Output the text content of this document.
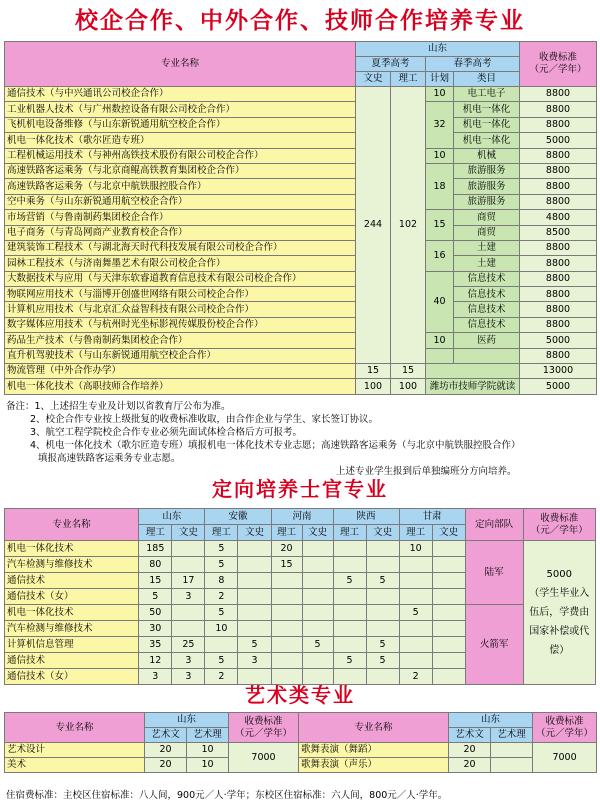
校企合作、中外合作、技师合作培养专业
专业名称	山东				收费标准
（元／学年）
	夏季高考		春季高考		
	文史	理工	计划	类目	
通信技术（与中兴通讯公司校企合作）	244	102	10	电工电子	8800
工业机器人技术（与广州数控设备有限公司校企合作）			32	机电一体化	8800
飞机机电设备维修（与山东新锐通用航空校企合作）				机电一体化	8800
机电一体化技术（歌尔匠造专班）				机电一体化	5000
工程机械运用技术（与神州高铁技术股份有限公司校企合作）			10	机械	8800
高速铁路客运乘务（与北京商鲲高铁教育集团校企合作）			18	旅游服务	8800
高速铁路客运乘务（与北京中航铁服控股合作）				旅游服务	8800
空中乘务（与山东新锐通用航空校企合作）				旅游服务	8800
市场营销（与鲁南制药集团校企合作）			15	商贸	4800
电子商务（与青岛网商产业教育校企合作）				商贸	8500
建筑装饰工程技术（与湖北海天时代科技发展有限公司校企合作）			16	土建	8800
园林工程技术（与济南舞墨艺术有限公司校企合作）				土建	8800
大数据技术与应用（与天津东软睿道教育信息技术有限公司校企合作）			40	信息技术	8800
物联网应用技术（与淄博开创盛世网络有限公司校企合作）				信息技术	8800
计算机应用技术（与北京汇众益智科技有限公司校企合作）				信息技术	8800
数字媒体应用技术（与杭州时光坐标影视传媒股份校企合作）				信息技术	8800
药品生产技术（与鲁南制药集团校企合作）			10	医药	5000
直升机驾驶技术（与山东新锐通用航空校企合作）					8800
物流管理（中外合作办学）	15	15			13000
机电一体化技术（高职技师合作培养）	100	100	潍坊市技师学院就读		5000
备注：1、上述招生专业及计划以省教育厅公布为准。
2、校企合作专业按上级批复的收费标准收取，由合作企业与学生、家长签订协议。
3、航空工程学院校企合作专业必须先面试体检合格后方可报考。
4、机电一体化技术（歌尔匠造专班）填报机电一体化技术专业志愿；高速铁路客运乘务（与北京中航铁服控股合作）
填报高速铁路客运乘务专业志愿。
上述专业学生报到后单独编班分方向培养。
定向培养士官专业
专业名称	山东		安徽		河南		陕西		甘肃		定向部队	收费标准
（元／学年）
	理工	文史	理工	文史	理工	文史	理工	文史	理工	文史		
机电一体化技术	185		5		20				10		陆军	5000
（学生毕业入伍后，学费由国家补偿或代偿）
汽车检测与维修技术	80		5		15							
通信技术	15	17	8				5	5				
通信技术（女）	5	3	2									
机电一体化技术	50		5						5		火箭军	
汽车检测与维修技术	30		10									
计算机信息管理	35	25		5		5		5				
通信技术	12	3	5	3			5	5				
通信技术（女）	3	3	2						2			
艺术类专业
专业名称	山东		收费标准
（元／学年）	专业名称	山东		收费标准
（元／学年）
	艺术文	艺术理			艺术文	艺术理	
艺术设计	20	10	7000	歌舞表演（舞蹈）	20		7000
美术	20	10		歌舞表演（声乐）	20		
住宿费标准：主校区住宿标准：八人间，900元／人·学年；东校区住宿标准：六人间，800元／人·学年。
